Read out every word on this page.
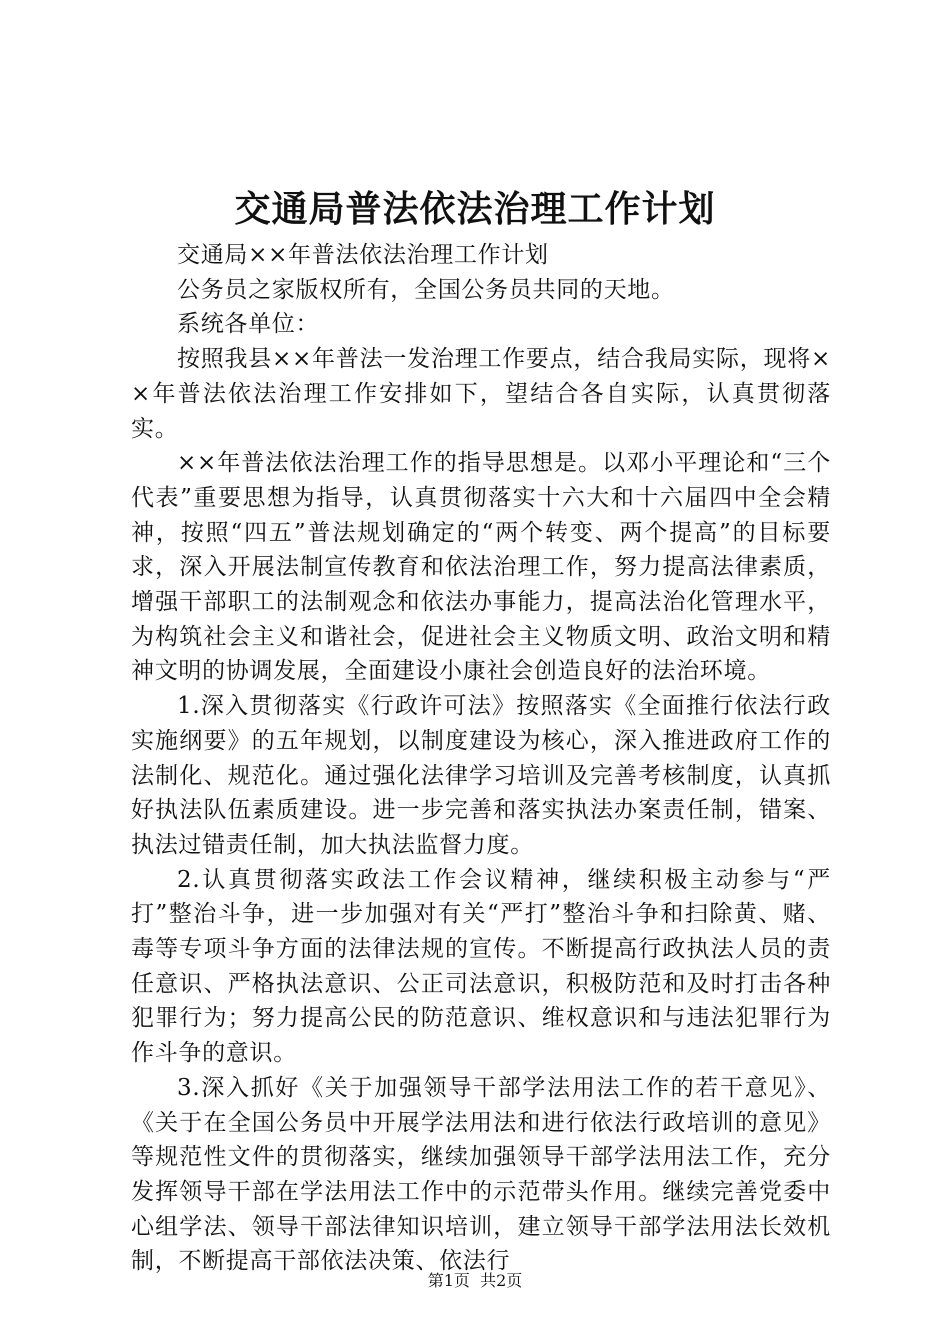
交通局普法依法治理工作计划

交通局××年普法依法治理工作计划

公务员之家版权所有，全国公务员共同的天地。

系统各单位：

按照我县××年普法一发治理工作要点，结合我局实际，现将××年普法依法治理工作安排如下，望结合各自实际，认真贯彻落实。

××年普法依法治理工作的指导思想是。以邓小平理论和“三个代表”重要思想为指导，认真贯彻落实十六大和十六届四中全会精神，按照“四五”普法规划确定的“两个转变、两个提高”的目标要求，深入开展法制宣传教育和依法治理工作，努力提高法律素质，增强干部职工的法制观念和依法办事能力，提高法治化管理水平，为构筑社会主义和谐社会，促进社会主义物质文明、政治文明和精神文明的协调发展，全面建设小康社会创造良好的法治环境。

1.深入贯彻落实《行政许可法》按照落实《全面推行依法行政实施纲要》的五年规划，以制度建设为核心，深入推进政府工作的法制化、规范化。通过强化法律学习培训及完善考核制度，认真抓好执法队伍素质建设。进一步完善和落实执法办案责任制，错案、执法过错责任制，加大执法监督力度。

2.认真贯彻落实政法工作会议精神，继续积极主动参与“严打”整治斗争，进一步加强对有关“严打”整治斗争和扫除黄、赌、毒等专项斗争方面的法律法规的宣传。不断提高行政执法人员的责任意识、严格执法意识、公正司法意识，积极防范和及时打击各种犯罪行为；努力提高公民的防范意识、维权意识和与违法犯罪行为作斗争的意识。

3.深入抓好《关于加强领导干部学法用法工作的若干意见》、《关于在全国公务员中开展学法用法和进行依法行政培训的意见》等规范性文件的贯彻落实，继续加强领导干部学法用法工作，充分发挥领导干部在学法用法工作中的示范带头作用。继续完善党委中心组学法、领导干部法律知识培训，建立领导干部学法用法长效机制，不断提高干部依法决策、依法行

第1页  共2页
